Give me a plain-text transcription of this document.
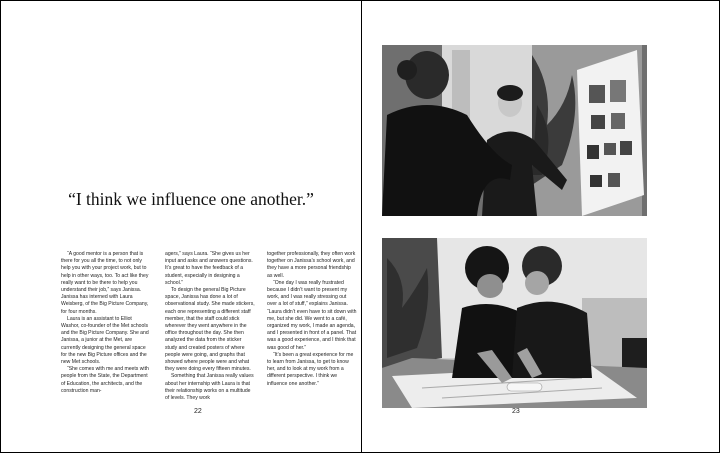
“I think we influence one another.”

“A good mentor is a person that is there for you all the time, to not only help you with your project work, but to help in other ways, too. To act like they really want to be there to help you understand their job,” says Janissa. Janissa has interned with Laura Weisberg, of the Big Picture Company, for four months.

Laura is an assistant to Elliot Washor, co-founder of the Met schools and the Big Picture Company. She and Janissa, a junior at the Met, are currently designing the general space for the new Big Picture offices and the new Met schools.

“She comes with me and meets with people from the State, the Department of Education, the architects, and the construction man-

agers,” says Laura. “She gives us her input and asks and answers questions. It’s great to have the feedback of a student, especially in designing a school.”

To design the general Big Picture space, Janissa has done a lot of observational study. She made stickers, each one representing a different staff member, that the staff could stick wherever they went anywhere in the office throughout the day. She then analyzed the data from the sticker study and created posters of where people were going, and graphs that showed where people were and what they were doing every fifteen minutes.

Something that Janissa really values about her internship with Laura is that their relationship works on a multitude of levels. They work

together professionally, they often work together on Janissa’s school work, and they have a more personal friendship as well.

“One day I was really frustrated because I didn’t want to present my work, and I was really stressing out over a lot of stuff,” explains Janissa. “Laura didn’t even have to sit down with me, but she did. We went to a café, organized my work, I made an agenda, and I presented in front of a panel. That was a good experience, and I think that was good of her.”

“It’s been a great experience for me to learn from Janissa, to get to know her, and to look at my work from a different perspective. I think we influence one another.”

22	23
